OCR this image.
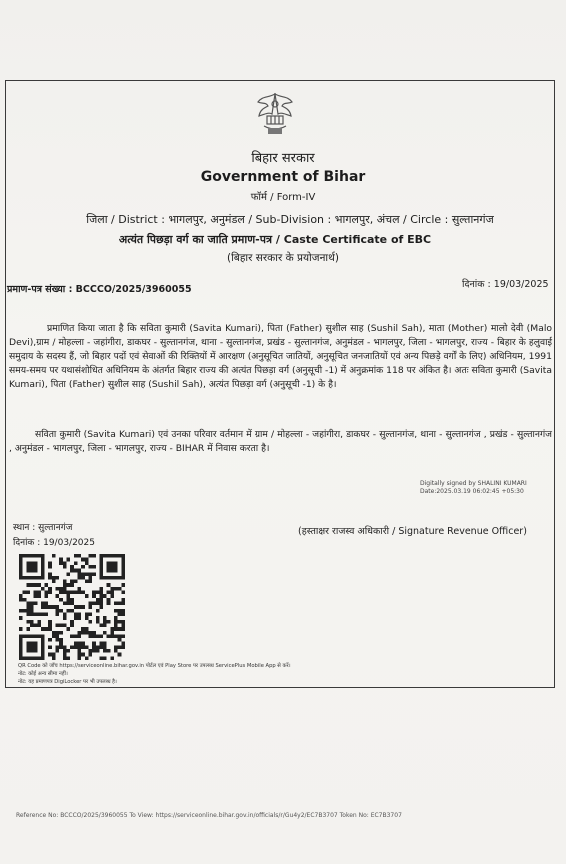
बिहार सरकार
Government of Bihar
फॉर्म / Form-IV
जिला / District : भागलपुर, अनुमंडल / Sub-Division : भागलपुर, अंचल / Circle : सुल्तानगंज
अत्यंत पिछड़ा वर्ग का जाति प्रमाण-पत्र / Caste Certificate of EBC
(बिहार सरकार के प्रयोजनार्थ)
प्रमाण-पत्र संख्या : BCCCO/2025/3960055	दिनांक : 19/03/2025
प्रमाणित किया जाता है कि सविता कुमारी (Savita Kumari), पिता (Father) सुशील साह (Sushil Sah), माता (Mother) मालो देवी (Malo Devi),ग्राम / मोहल्ला - जहांगीरा, डाकघर - सुल्तानगंज, थाना - सुल्तानगंज, प्रखंड - सुल्तानगंज, अनुमंडल - भागलपुर, जिला - भागलपुर, राज्य - बिहार के हलुवाई समुदाय के सदस्य हैं, जो बिहार पदों एवं सेवाओं की रिक्तियों में आरक्षण (अनुसूचित जातियों, अनुसूचित जनजातियों एवं अन्य पिछड़े वर्गों के लिए) अधिनियम, 1991 समय-समय पर यथासंशोधित अधिनियम के अंतर्गत बिहार राज्य की अत्यंत पिछड़ा वर्ग (अनुसूची -1) में अनुक्रमांक 118 पर अंकित है। अतः सविता कुमारी (Savita Kumari), पिता (Father) सुशील साह (Sushil Sah), अत्यंत पिछड़ा वर्ग (अनुसूची -1) के है।
सविता कुमारी (Savita Kumari) एवं उनका परिवार वर्तमान में ग्राम / मोहल्ला - जहांगीरा, डाकघर - सुल्तानगंज, थाना - सुल्तानगंज , प्रखंड - सुल्तानगंज , अनुमंडल - भागलपुर, जिला - भागलपुर, राज्य - BIHAR में निवास करता है।
Digitally signed by SHALINI KUMARI
Date:2025.03.19 06:02:45 +05:30
स्थान : सुल्तानगंज
दिनांक : 19/03/2025
(हस्ताक्षर राजस्व अधिकारी / Signature Revenue Officer)
QR Code को जाँच https://serviceonline.bihar.gov.in पोर्टल एवं Play Store पर उपलब्ध ServicePlus Mobile App से करें।
नोट: कोई अन्य सीमा नहीं।
नोट: यह प्रमाणपत्र DigiLocker पर भी उपलब्ध है।
Reference No: BCCCO/2025/3960055 To View: https://serviceonline.bihar.gov.in/officials/r/Gu4y2/EC7B3707 Token No: EC7B3707
